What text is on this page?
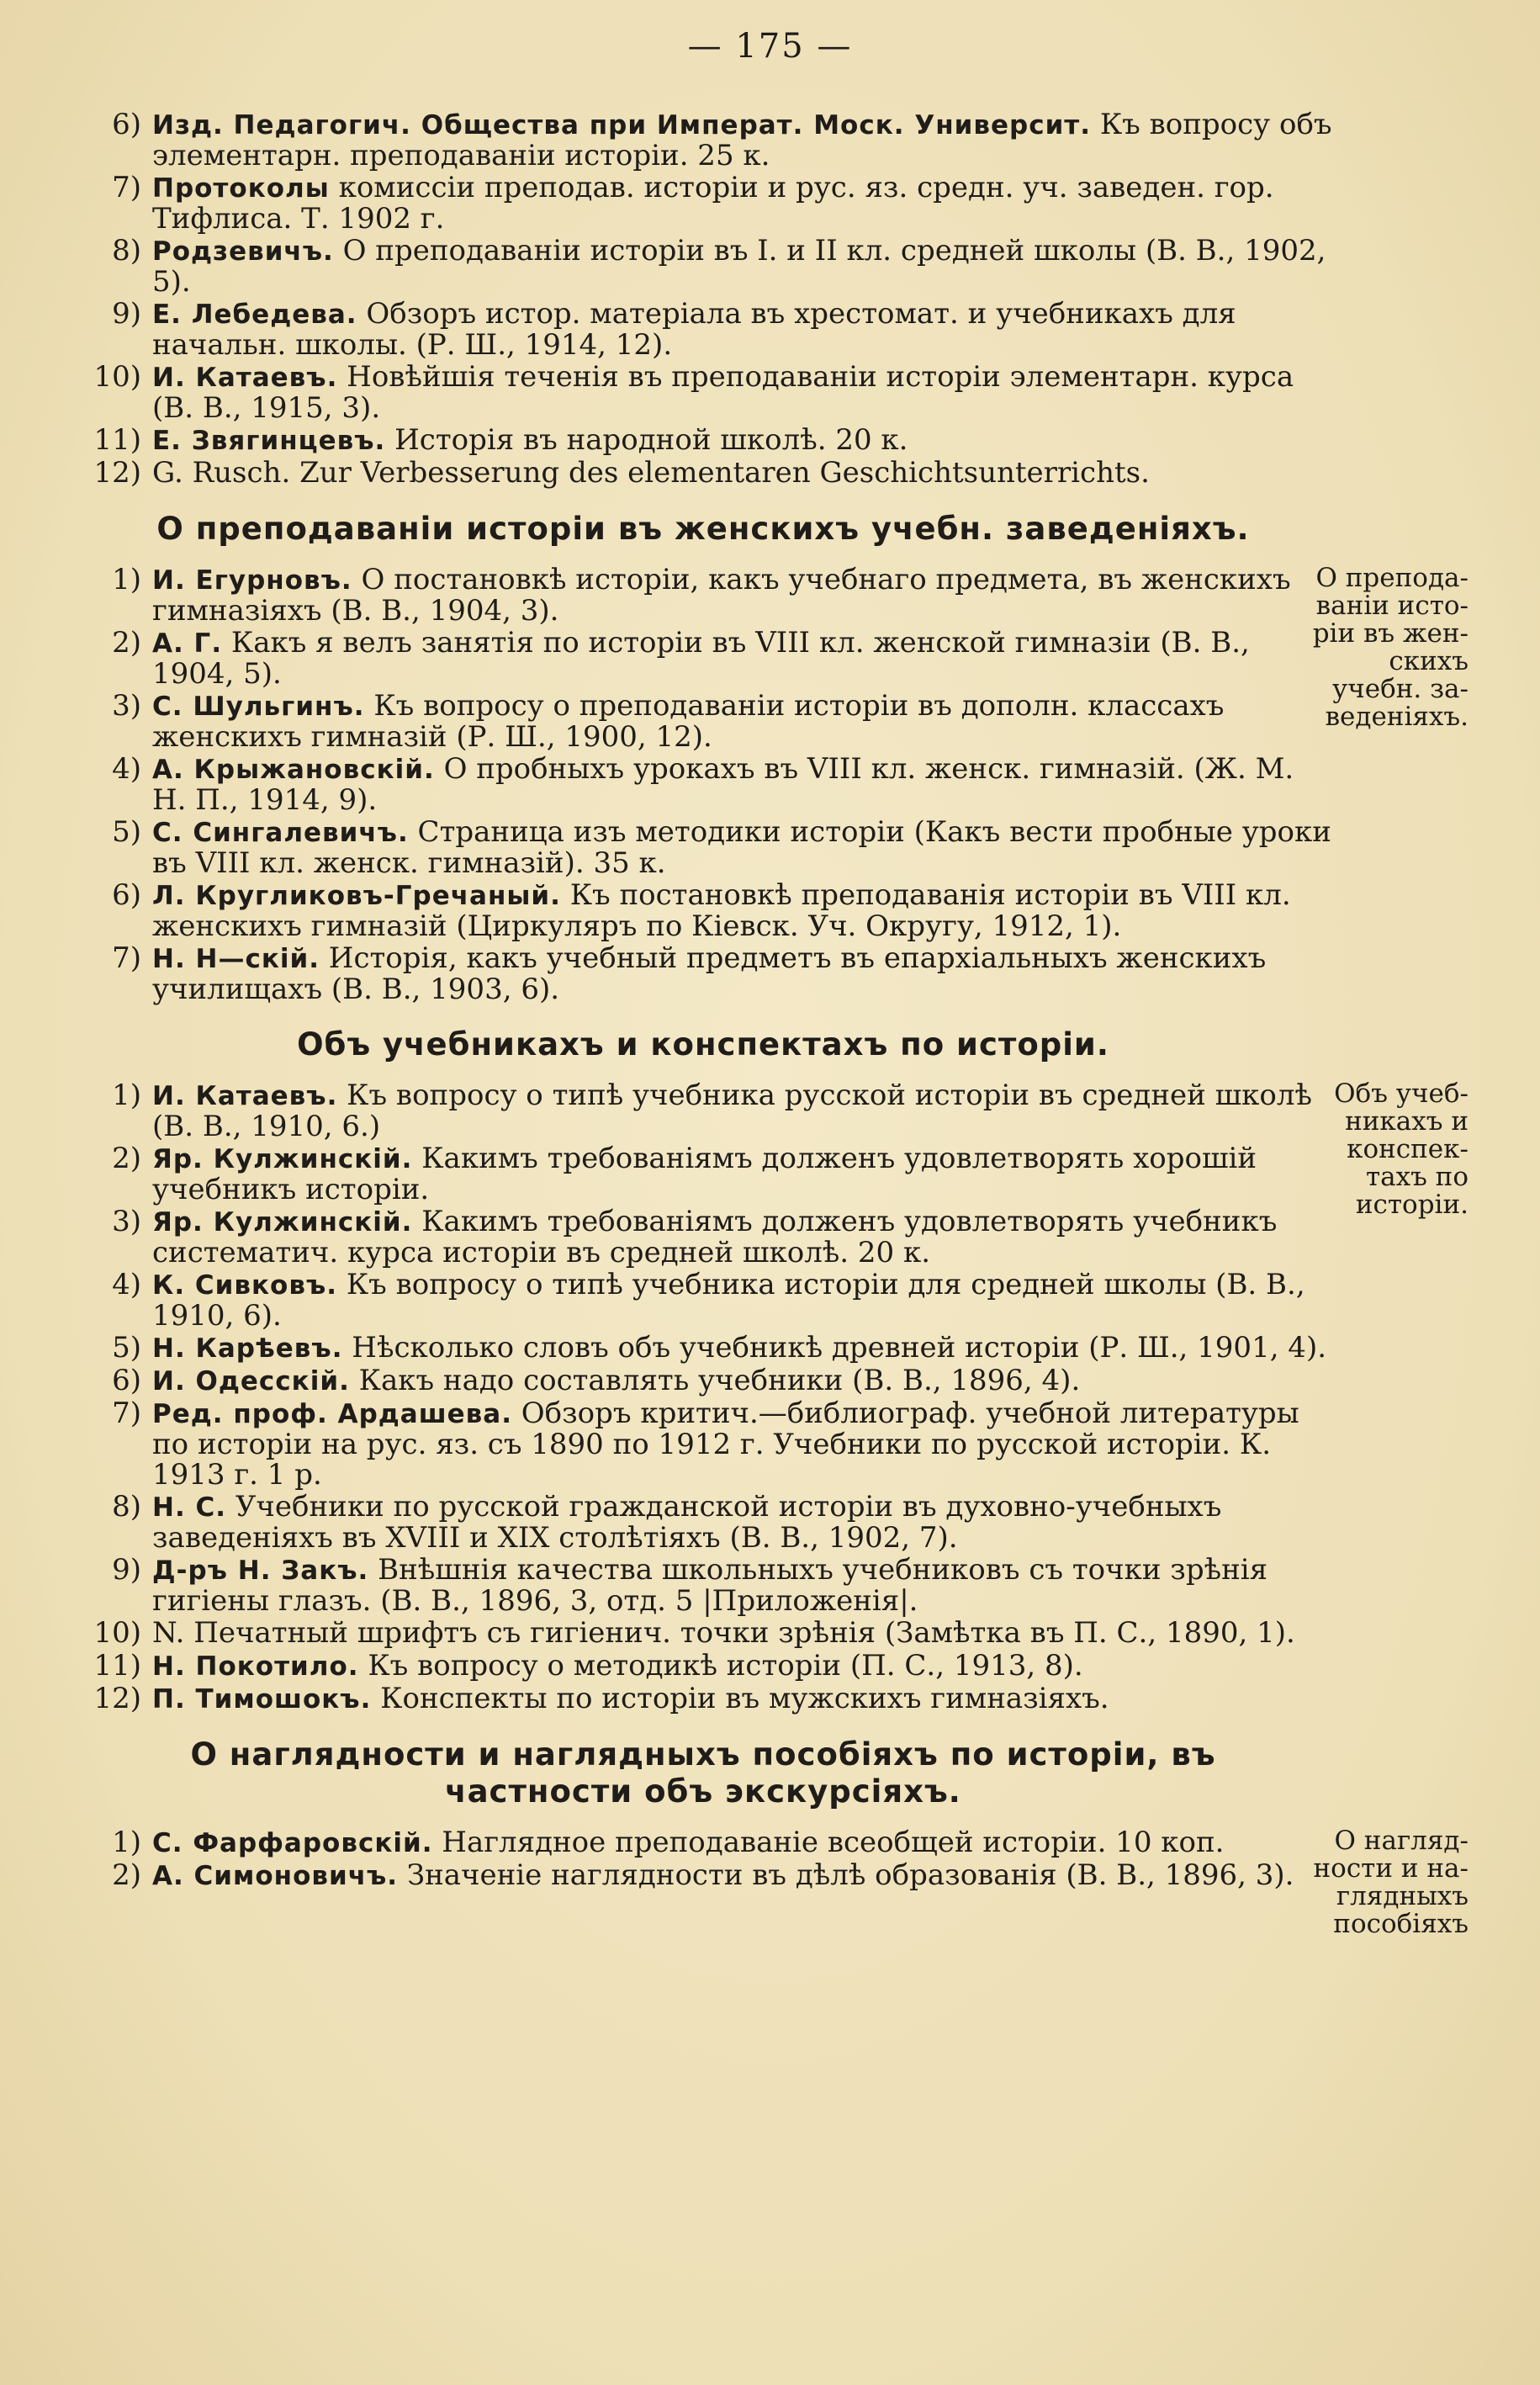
— 175 —
6) Изд. Педагогич. Общества при Императ. Моск. Университ. Къ вопросу объ элементарн. преподаваніи исторіи. 25 к.
7) Протоколы комиссіи преподав. исторіи и рус. яз. средн. уч. заведен. гор. Тифлиса. Т. 1902 г.
8) Родзевичъ. О преподаваніи исторіи въ I. и II кл. средней школы (В. В., 1902, 5).
9) Е. Лебедева. Обзоръ истор. матеріала въ хрестомат. и учебникахъ для начальн. школы. (Р. Ш., 1914, 12).
10) И. Катаевъ. Новѣйшія теченія въ преподаваніи исторіи элементарн. курса (В. В., 1915, 3).
11) Е. Звягинцевъ. Исторія въ народной школѣ. 20 к.
12) G. Rusch. Zur Verbesserung des elementaren Geschichtsunterrichts.
О преподаваніи исторіи въ женскихъ учебн. заведеніяхъ.
О препода-
ваніи исто-
ріи въ жен-
скихъ
учебн. за-
веденіяхъ.
1) И. Егурновъ. О постановкѣ исторіи, какъ учебнаго предмета, въ женскихъ гимназіяхъ (В. В., 1904, 3).
2) А. Г. Какъ я велъ занятія по исторіи въ VIII кл. женской гимназіи (В. В., 1904, 5).
3) С. Шульгинъ. Къ вопросу о преподаваніи исторіи въ дополн. классахъ женскихъ гимназій (Р. Ш., 1900, 12).
4) А. Крыжановскій. О пробныхъ урокахъ въ VIII кл. женск. гимназій. (Ж. М. Н. П., 1914, 9).
5) С. Сингалевичъ. Страница изъ методики исторіи (Какъ вести пробные уроки въ VIII кл. женск. гимназій). 35 к.
6) Л. Кругликовъ-Гречаный. Къ постановкѣ преподаванія исторіи въ VIII кл. женскихъ гимназій (Циркуляръ по Кіевск. Уч. Округу, 1912, 1).
7) Н. Н—скій. Исторія, какъ учебный предметъ въ епархіальныхъ женскихъ училищахъ (В. В., 1903, 6).
Объ учебникахъ и конспектахъ по исторіи.
Объ учеб-
никахъ и
конспек-
тахъ по
исторіи.
1) И. Катаевъ. Къ вопросу о типѣ учебника русской исторіи въ средней школѣ (В. В., 1910, 6.)
2) Яр. Кулжинскій. Какимъ требованіямъ долженъ удовлетворять хорошій учебникъ исторіи.
3) Яр. Кулжинскій. Какимъ требованіямъ долженъ удовлетворять учебникъ систематич. курса исторіи въ средней школѣ. 20 к.
4) К. Сивковъ. Къ вопросу о типѣ учебника исторіи для средней школы (В. В., 1910, 6).
5) Н. Карѣевъ. Нѣсколько словъ объ учебникѣ древней исторіи (Р. Ш., 1901, 4).
6) И. Одесскій. Какъ надо составлять учебники (В. В., 1896, 4).
7) Ред. проф. Ардашева. Обзоръ критич.—библиограф. учебной литературы по исторіи на рус. яз. съ 1890 по 1912 г. Учебники по русской исторіи. К. 1913 г. 1 р.
8) Н. С. Учебники по русской гражданской исторіи въ духовно-учебныхъ заведеніяхъ въ XVIII и XIX столѣтіяхъ (В. В., 1902, 7).
9) Д-ръ Н. Закъ. Внѣшнія качества школьныхъ учебниковъ съ точки зрѣнія гигіены глазъ. (В. В., 1896, 3, отд. 5 |Приложенія|.
10) N. Печатный шрифтъ съ гигіенич. точки зрѣнія (Замѣтка въ П. С., 1890, 1).
11) Н. Покотило. Къ вопросу о методикѣ исторіи (П. С., 1913, 8).
12) П. Тимошокъ. Конспекты по исторіи въ мужскихъ гимназіяхъ.
О наглядности и наглядныхъ пособіяхъ по исторіи, въ частности объ экскурсіяхъ.
О нагляд-
ности и на-
глядныхъ
пособіяхъ
1) С. Фарфаровскій. Наглядное преподаваніе всеобщей исторіи. 10 коп.
2) А. Симоновичъ. Значеніе наглядности въ дѣлѣ образованія (В. В., 1896, 3).
